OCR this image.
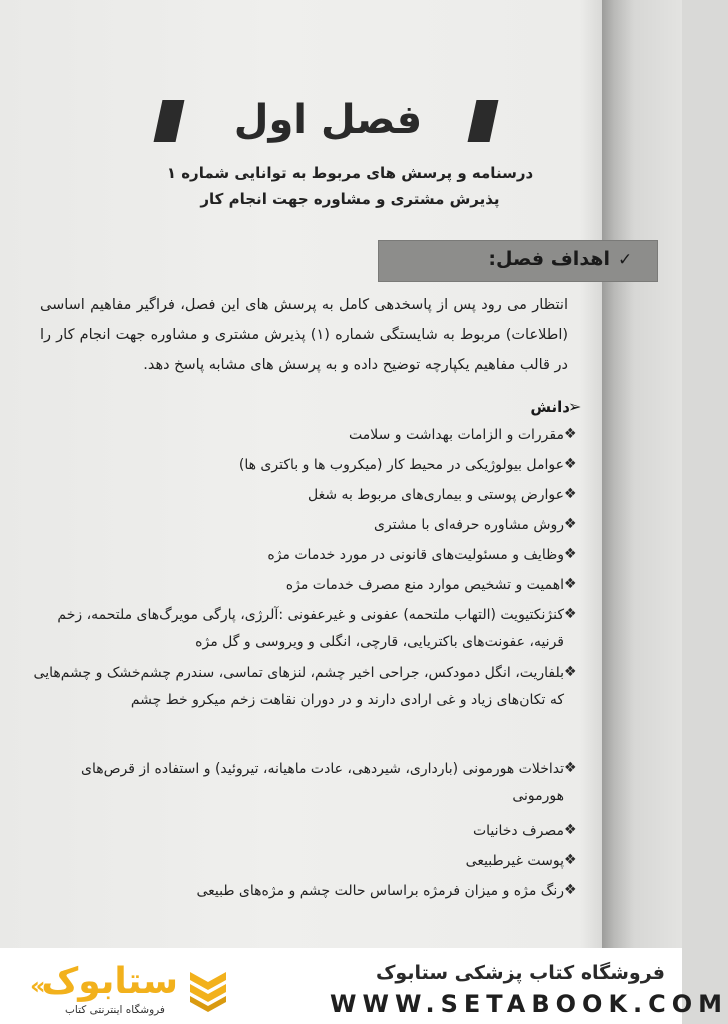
فصل اول
درسنامه و پرسش های مربوط به توانایی شماره ۱
پذیرش مشتری و مشاوره جهت انجام کار
✓
اهداف فصل:
انتظار می رود پس از پاسخدهی کامل به پرسش های این فصل، فراگیر مفاهیم اساسی (اطلاعات) مربوط به شایستگی شماره (۱) پذیرش مشتری و مشاوره جهت انجام کار را در قالب مفاهیم یکپارچه توضیح داده و به پرسش های مشابه پاسخ دهد.
➢
دانش
❖
مقررات و الزامات بهداشت و سلامت
❖
عوامل بیولوژیکی در محیط کار (میکروب ها و باکتری ها)
❖
عوارض پوستی و بیماری‌های مربوط به شغل
❖
روش مشاوره حرفه‌ای با مشتری
❖
وظایف و مسئولیت‌های قانونی در مورد خدمات مژه
❖
اهمیت و تشخیص موارد منع مصرف خدمات مژه
❖
کنژنکتیویت (التهاب ملتحمه) عفونی و غیرعفونی :آلرژی، پارگی مویرگ‌های ملتحمه، زخم قرنیه، عفونت‌های باکتریایی، قارچی، انگلی و ویروسی و گل مژه
❖
بلفاریت، انگل دمودکس، جراحی اخیر چشم، لنزهای تماسی، سندرم چشم‌خشک و چشم‌هایی که تکان‌های زیاد و غی ارادی دارند و در دوران نقاهت زخم میکرو خط چشم
❖
تداخلات هورمونی (بارداری، شیردهی، عادت ماهیانه، تیروئید) و استفاده از قرص‌های هورمونی
❖
مصرف دخانیات
❖
پوست غیرطبیعی
❖
رنگ مژه و میزان فرمژه براساس حالت چشم و مژه‌های طبیعی
فروشگاه کتاب پزشکی ستابوک
WWW.SETABOOK.COM
«
ستابوک
فروشگاه اینترنتی کتاب
